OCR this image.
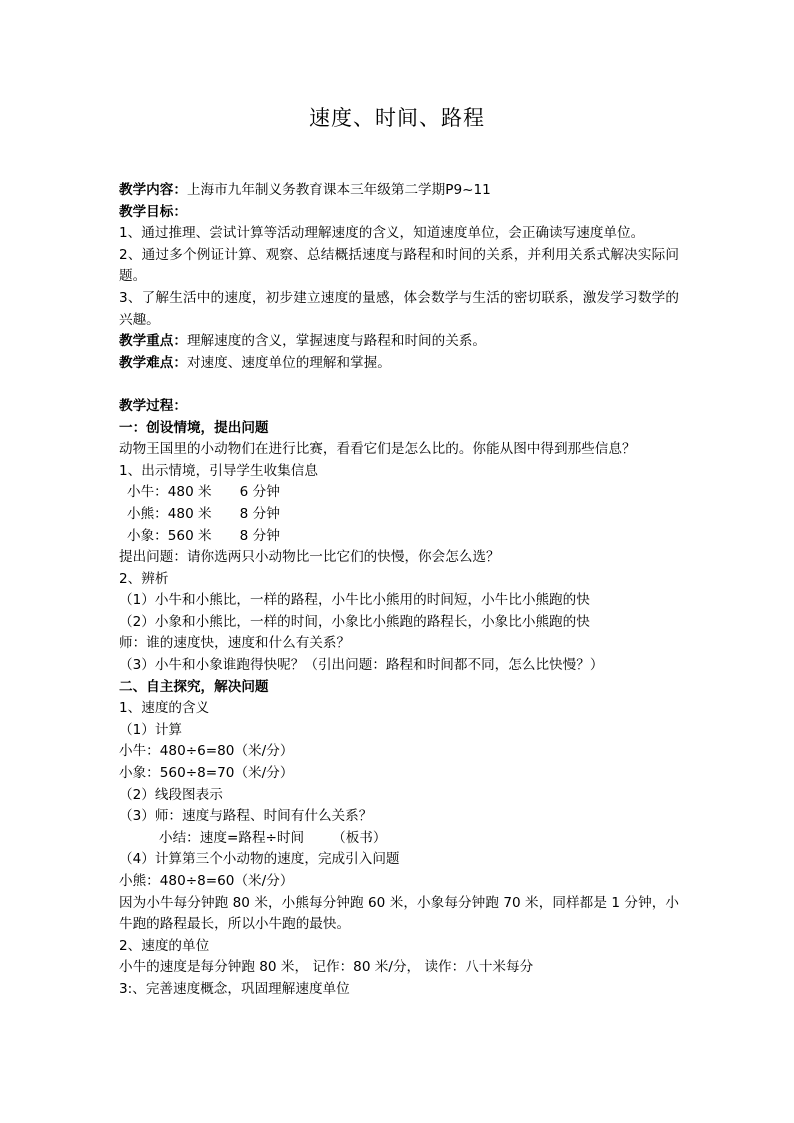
速度、时间、路程
教学内容：上海市九年制义务教育课本三年级第二学期P9~11
教学目标：
1、通过推理、尝试计算等活动理解速度的含义，知道速度单位，会正确读写速度单位。
2、通过多个例证计算、观察、总结概括速度与路程和时间的关系，并利用关系式解决实际问题。
3、了解生活中的速度，初步建立速度的量感，体会数学与生活的密切联系，激发学习数学的兴趣。
教学重点：理解速度的含义，掌握速度与路程和时间的关系。
教学难点：对速度、速度单位的理解和掌握。
教学过程：
一：创设情境，提出问题
动物王国里的小动物们在进行比赛，看看它们是怎么比的。你能从图中得到那些信息？
1、出示情境，引导学生收集信息
小牛：480 米 6 分钟
小熊：480 米 8 分钟
小象：560 米 8 分钟
提出问题：请你选两只小动物比一比它们的快慢，你会怎么选？
2、辨析
（1）小牛和小熊比，一样的路程，小牛比小熊用的时间短，小牛比小熊跑的快
（2）小象和小熊比，一样的时间，小象比小熊跑的路程长，小象比小熊跑的快
师：谁的速度快，速度和什么有关系？
（3）小牛和小象谁跑得快呢？（引出问题：路程和时间都不同，怎么比快慢？）
二、自主探究，解决问题
1、速度的含义
（1）计算
小牛：480÷6=80（米/分）
小象：560÷8=70（米/分）
（2）线段图表示
（3）师：速度与路程、时间有什么关系？
小结：速度=路程÷时间 （板书）
（4）计算第三个小动物的速度，完成引入问题
小熊：480÷8=60（米/分）
因为小牛每分钟跑 80 米，小熊每分钟跑 60 米，小象每分钟跑 70 米，同样都是 1 分钟，小牛跑的路程最长，所以小牛跑的最快。
2、速度的单位
小牛的速度是每分钟跑 80 米， 记作：80 米/分， 读作：八十米每分
3:、完善速度概念，巩固理解速度单位
